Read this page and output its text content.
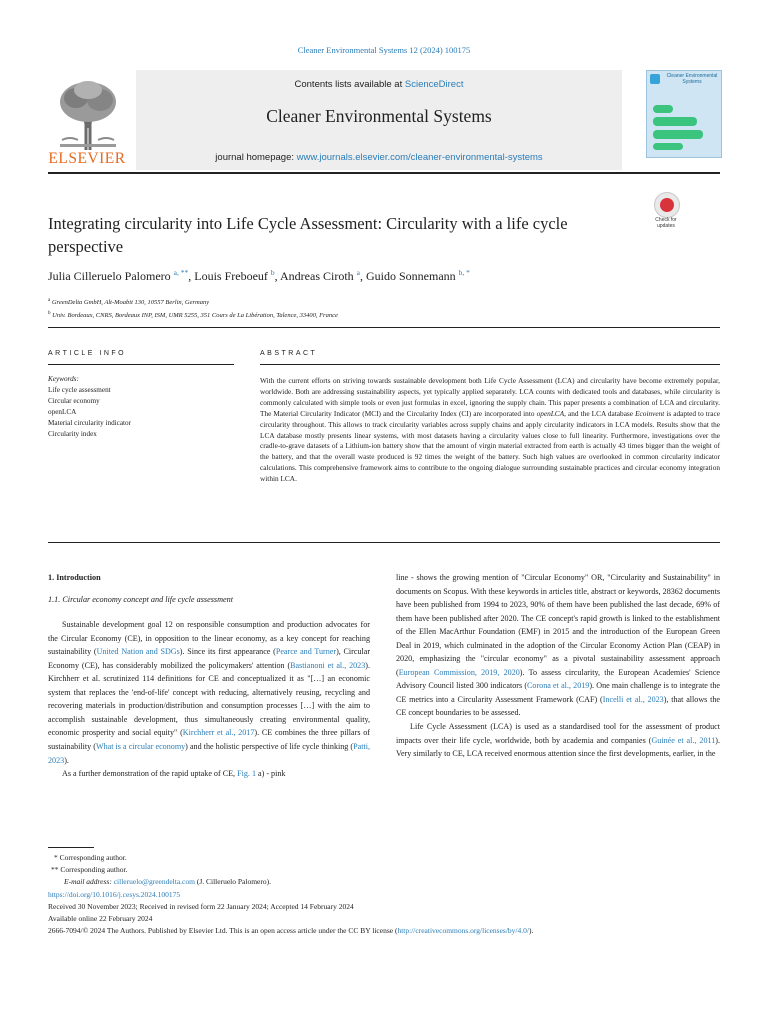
Cleaner Environmental Systems 12 (2024) 100175
ELSEVIER
Contents lists available at ScienceDirect
Cleaner Environmental Systems
journal homepage: www.journals.elsevier.com/cleaner-environmental-systems
Cleaner Environmental Systems
Integrating circularity into Life Cycle Assessment: Circularity with a life cycle perspective
Check for updates
Julia Cilleruelo Palomero $^{a, **}$, Louis Freboeuf $^b$, Andreas Ciroth $^a$, Guido Sonnemann $^{b, *}$
$^a$ GreenDelta GmbH, Alt-Moabit 130, 10557 Berlin, Germany
$^b$ Univ. Bordeaux, CNRS, Bordeaux INP, ISM, UMR 5255, 351 Cours de La Libération, Talence, 33400, France
ARTICLE INFO	ABSTRACT
Keywords:
Life cycle assessment
Circular economy
openLCA
Material circularity indicator
Circularity index
With the current efforts on striving towards sustainable development both Life Cycle Assessment (LCA) and circularity have become extremely popular, worldwide. Both are addressing sustainability aspects, yet typically applied separately. LCA counts with dedicated tools and databases, while circularity is commonly calculated with simple tools or even just formulas in excel, ignoring the supply chain. This paper presents a combination of LCA and circularity. The Material Circularity Indicator (MCI) and the Circularity Index (CI) are incorporated into openLCA, and the LCA database Ecoinvent is adapted to trace circularity throughout. This allows to track circularity variables across supply chains and apply circularity indicators in LCA models. Results show that the LCA database mostly presents linear systems, with most datasets having a circularity values close to full linearity. Furthermore, investigations over the cradle-to-grave datasets of a Lithium-ion battery show that the amount of virgin material extracted from earth is actually 43 times bigger than the weight of the battery, and that the overall waste produced is 92 times the weight of the battery. Such high values are overlooked in common circularity indicator calculations. This comprehensive framework aims to contribute to the ongoing dialogue surrounding sustainable practices and circular economy integration within LCA.

1. Introduction

1.1. Circular economy concept and life cycle assessment

Sustainable development goal 12 on responsible consumption and production advocates for the Circular Economy (CE), in opposition to the linear economy, as a key concept for reaching sustainability (United Nation and SDGs). Since its first appearance (Pearce and Turner), Circular Economy (CE), has considerably mobilized the policymakers' attention (Bastianoni et al., 2023). Kirchherr et al. scrutinized 114 definitions for CE and conceptualized it as "[…] an economic system that replaces the 'end-of-life' concept with reducing, alternatively reusing, recycling and recovering materials in production/distribution and consumption processes […] with the aim to accomplish sustainable development, thus simultaneously creating environmental quality, economic prosperity and social equity" (Kirchherr et al., 2017). CE combines the three pillars of sustainability (What is a circular economy) and the holistic perspective of life cycle thinking (Patti, 2023).

As a further demonstration of the rapid uptake of CE, Fig. 1 a) - pink

line - shows the growing mention of "Circular Economy" OR, "Circularity and Sustainability" in documents on Scopus. With these keywords in articles title, abstract or keywords, 28362 documents have been published from 1994 to 2023, 90% of them have been published the last decade, 69% of them have been published after 2020. The CE concept's rapid growth is linked to the establishment of the Ellen MacArthur Foundation (EMF) in 2015 and the introduction of the European Green Deal in 2019, which culminated in the adoption of the Circular Economy Action Plan (CEAP) in 2020, emphasizing the "circular economy" as a pivotal sustainability assessment approach (European Commission, 2019, 2020). To assess circularity, the European Academies' Science Advisory Council listed 300 indicators (Corona et al., 2019). One main challenge is to integrate the CE metrics into a Circularity Assessment Framework (CAF) (Incelli et al., 2023), that allows the CE concept boundaries to be assessed.

Life Cycle Assessment (LCA) is used as a standardised tool for the assessment of product impacts over their life cycle, worldwide, both by academia and companies (Guinée et al., 2011). Very similarly to CE, LCA received enormous attention since the first developments, earlier, in the

* Corresponding author.
** Corresponding author.
E-mail address: cilleruelo@greendelta.com (J. Cilleruelo Palomero).
https://doi.org/10.1016/j.cesys.2024.100175
Received 30 November 2023; Received in revised form 22 January 2024; Accepted 14 February 2024
Available online 22 February 2024
2666-7094/© 2024 The Authors. Published by Elsevier Ltd. This is an open access article under the CC BY license (http://creativecommons.org/licenses/by/4.0/).
